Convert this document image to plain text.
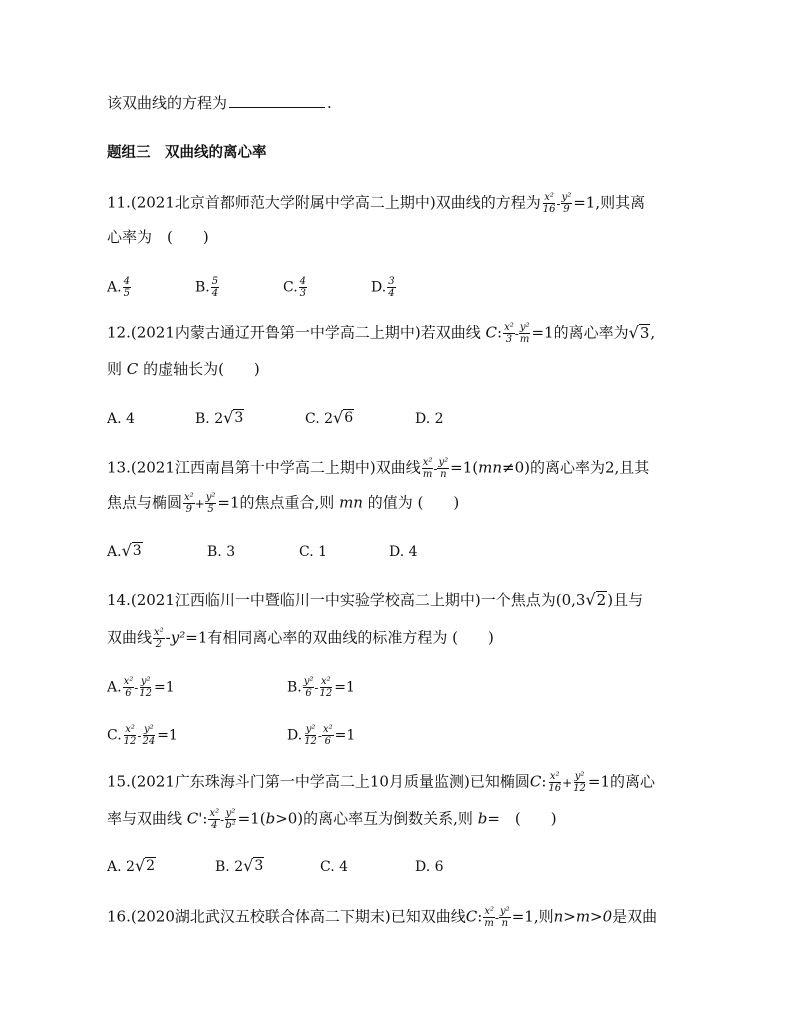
该双曲线的方程为	.
题组三　双曲线的离心率
11.(2021北京首都师范大学附属中学高二上期中)双曲线的方程为 $\frac{\text{x²}}{16} - \frac{\text{y²}}{9} =1$,则其离
心率为　(　　)
A. $\frac{4}{5}$	B. $\frac{5}{4}$	C. $\frac{4}{3}$	D. $\frac{3}{4}$
12.(2021内蒙古通辽开鲁第一中学高二上期中)若双曲线 C: $\frac{\text{x²}}{3} - \frac{\text{y²}}{m} =1$的离心率为 √ 3 ,
则 C 的虚轴长为(　　)
A. 4	B. 2 √ 3	C. 2 √ 6	D. 2
13.(2021江西南昌第十中学高二上期中)双曲线 $\frac{\text{x²}}{m} - \frac{\text{y²}}{n} =1(mn\ne 0)$的离心率为2,且其
焦点与椭圆 $\frac{\text{x²}}{9} + \frac{\text{y²}}{5} =1$的焦点重合,则 mn 的值为 (　　)
A. √ 3	B. 3	C. 1	D. 4
14.(2021江西临川一中暨临川一中实验学校高二上期中)一个焦点为(0,3 √ 2 )且与
双曲线 $\frac{\text{x²}}{2} -y^2=1$有相同离心率的双曲线的标准方程为 (　　)
A. $\frac{\text{x²}}{6} - \frac{\text{y²}}{12} =1$	B. $\frac{\text{y²}}{6} - \frac{\text{x²}}{12} =1$
C. $\frac{\text{x²}}{12} - \frac{\text{y²}}{24} =1$	D. $\frac{\text{y²}}{12} - \frac{\text{x²}}{6} =1$
15.(2021广东珠海斗门第一中学高二上10月质量监测)已知椭圆C: $\frac{\text{x²}}{16} + \frac{\text{y²}}{12} =1$的离心
率与双曲线 C': $\frac{\text{x²}}{4} - \frac{\text{y²}}{\text{b²}} =1(b>0)$的离心率互为倒数关系,则 b=　(　　)
A. 2 √ 2	B. 2 √ 3	C. 4	D. 6
16.(2020湖北武汉五校联合体高二下期末)已知双曲线C: $\frac{\text{x²}}{m} - \frac{\text{y²}}{n} =1$,则n>m>0是双曲
